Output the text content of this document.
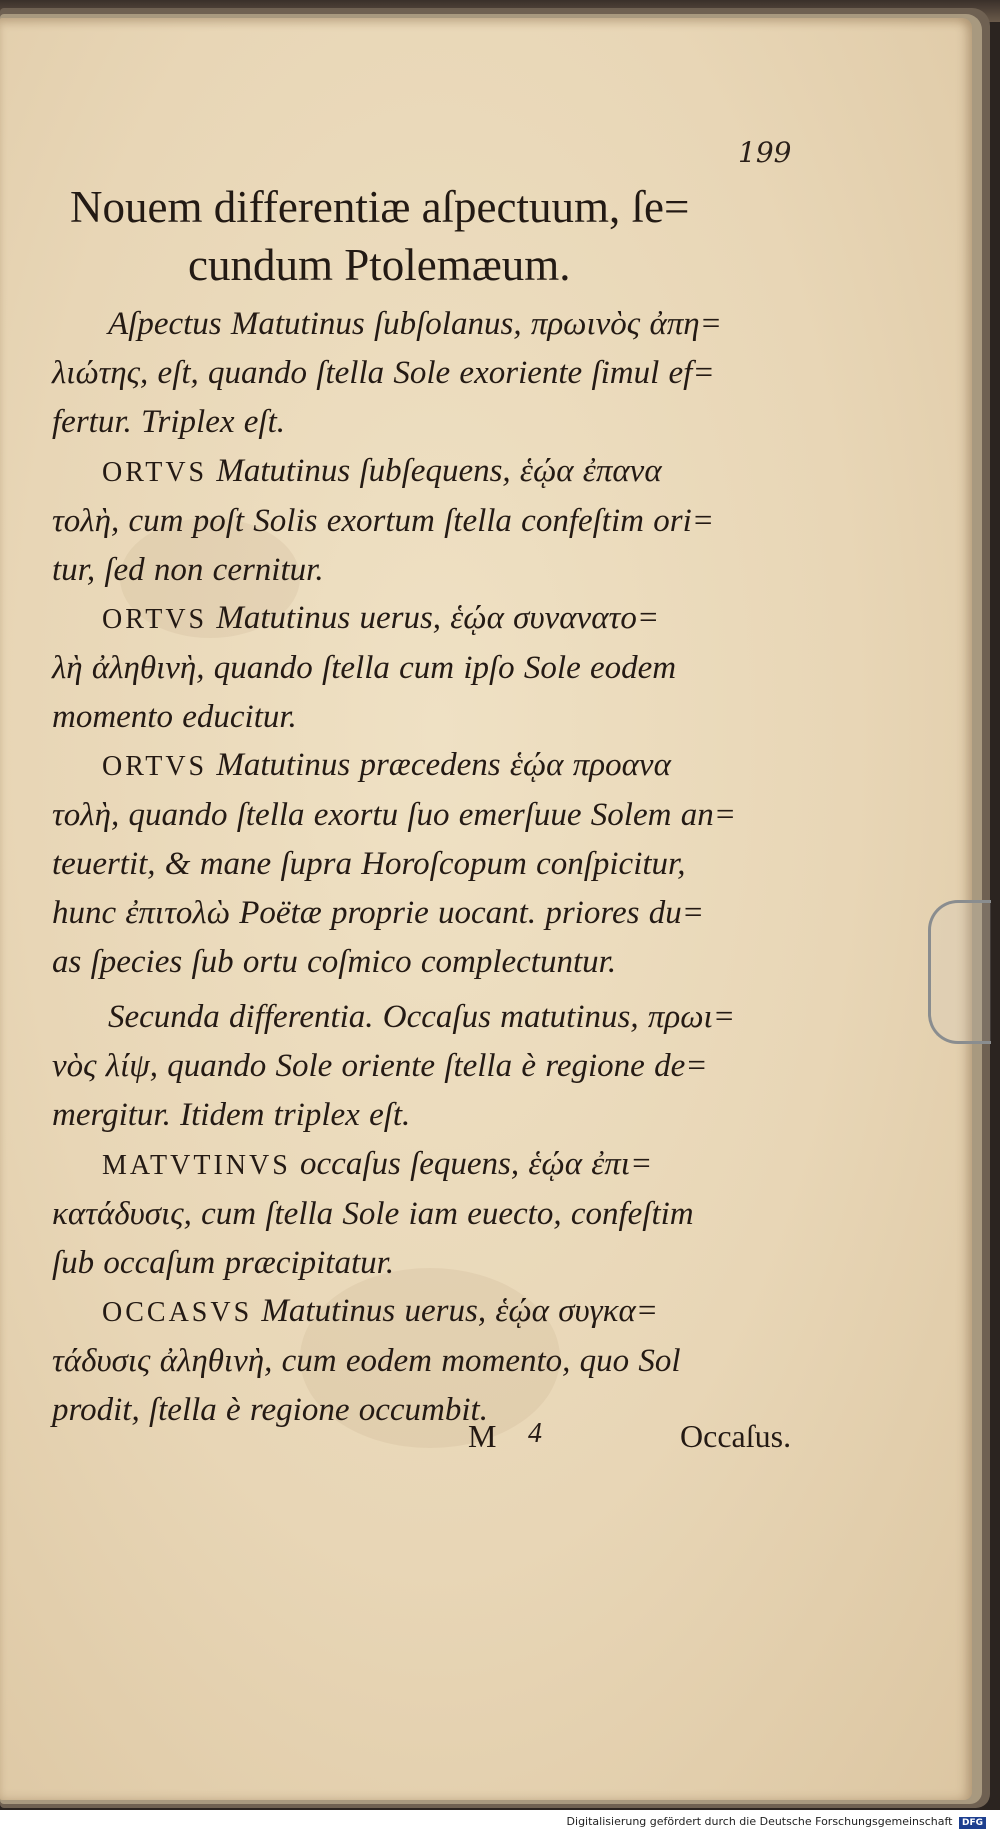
199
Nouem differentiæ aſpectuum, ſe=
cundum Ptolemæum.
Aſpectus Matutinus ſubſolanus, πρωινὸς ἀπη=
λιώτης, eſt, quando ſtella Sole exoriente ſimul ef=
fertur. Triplex eſt.
ORTVS Matutinus ſubſequens, ἑῴα ἐπανα
τολὴ, cum poſt Solis exortum ſtella confeſtim ori=
tur, ſed non cernitur.
ORTVS Matutinus uerus, ἑῴα συνανατο=
λὴ ἀληθινὴ, quando ſtella cum ipſo Sole eodem
momento educitur.
ORTVS Matutinus præcedens ἑῴα προανα
τολὴ, quando ſtella exortu ſuo emerſuue Solem an=
teuertit, & mane ſupra Horoſcopum conſpicitur,
hunc ἐπιτολὼ Poëtæ proprie uocant. priores du=
as ſpecies ſub ortu coſmico complectuntur.
Secunda differentia. Occaſus matutinus, πρωι=
νὸς λίψ, quando Sole oriente ſtella è regione de=
mergitur. Itidem triplex eſt.
MATVTINVS occaſus ſequens, ἑῴα ἐπι=
κατάδυσις, cum ſtella Sole iam euecto, confeſtim
ſub occaſum præcipitatur.
OCCASVS Matutinus uerus, ἑῴα συγκα=
τάδυσις ἀληθινὴ, cum eodem momento, quo Sol
prodit, ſtella è regione occumbit.
M 4	Occaſus.
Digitalisierung gefördert durch die Deutsche Forschungsgemeinschaft DFG
